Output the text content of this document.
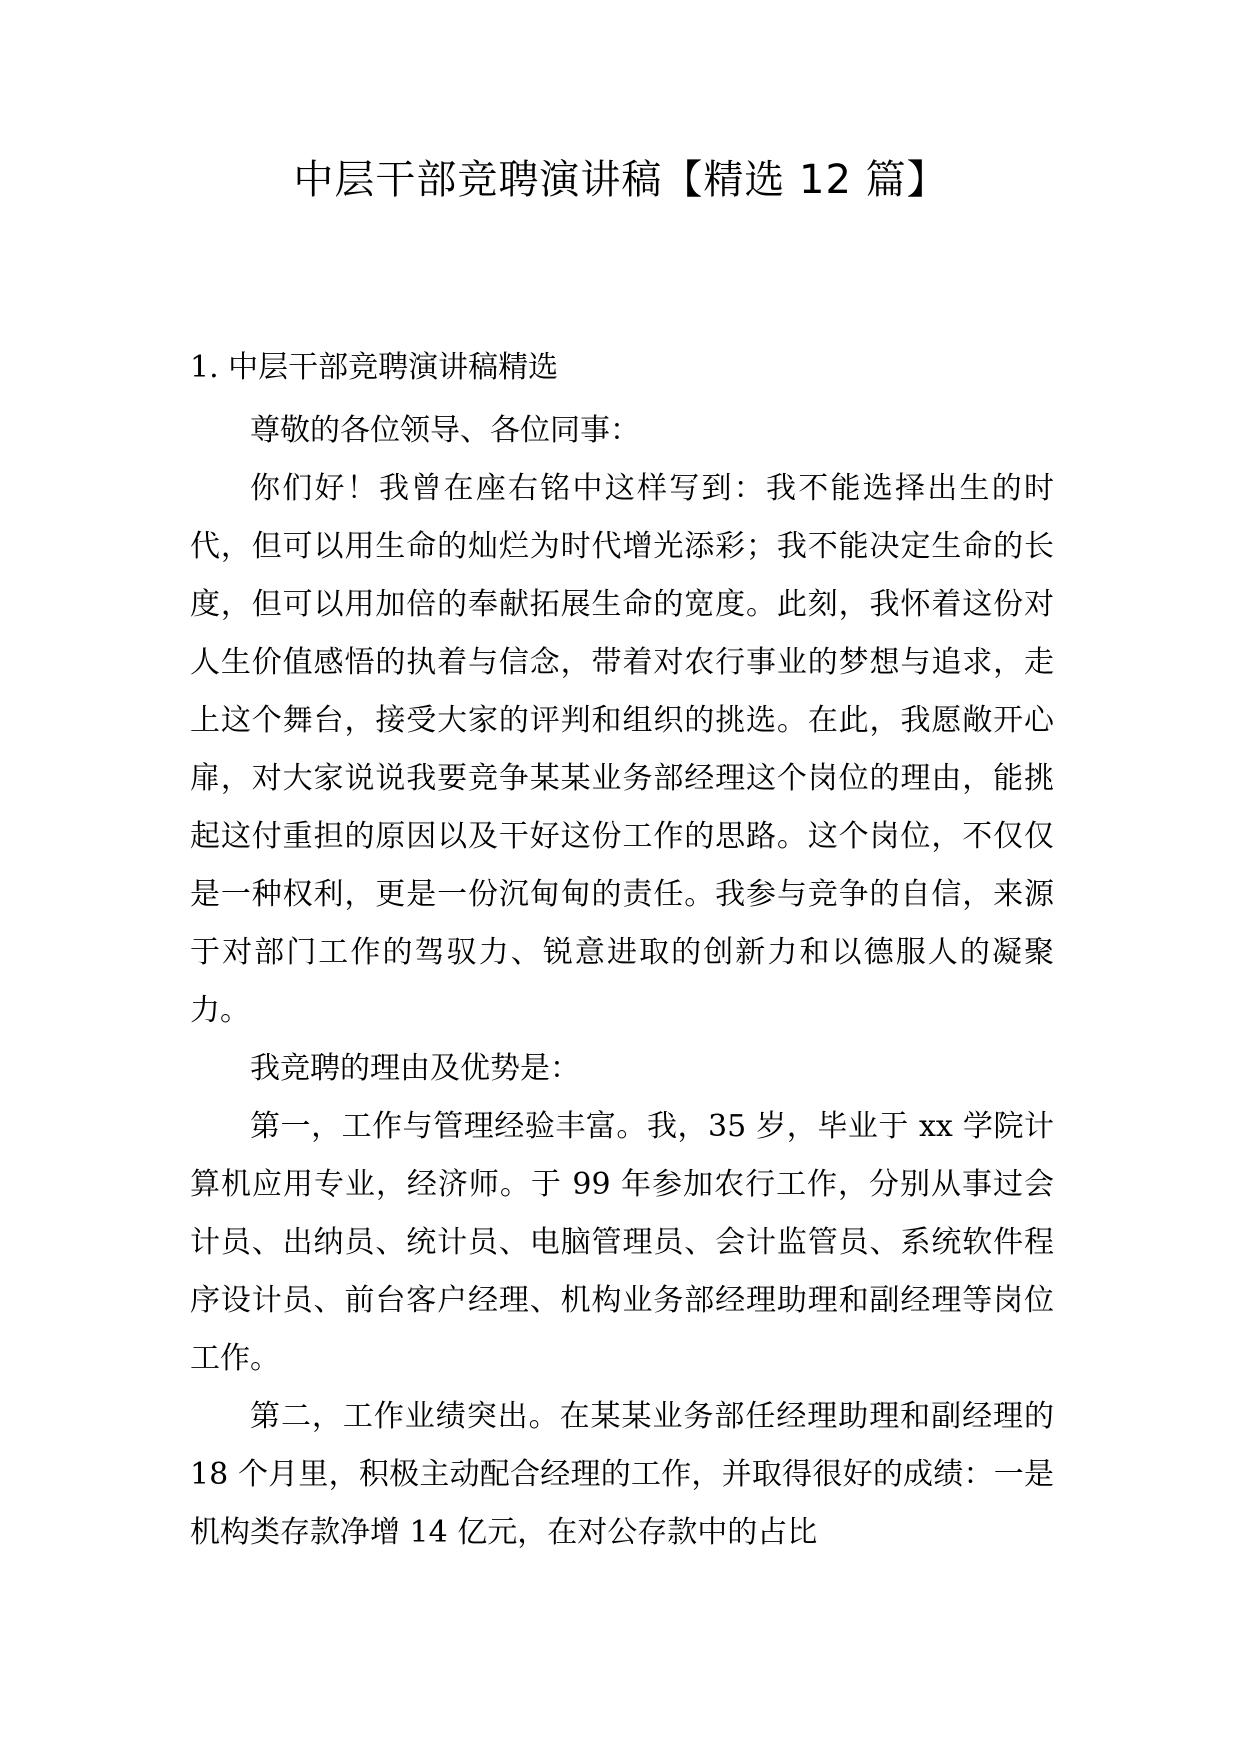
中层干部竞聘演讲稿【精选 12 篇】
1. 中层干部竞聘演讲稿精选

尊敬的各位领导、各位同事：

你们好！我曾在座右铭中这样写到：我不能选择出生的时代，但可以用生命的灿烂为时代增光添彩；我不能决定生命的长度，但可以用加倍的奉献拓展生命的宽度。此刻，我怀着这份对人生价值感悟的执着与信念，带着对农行事业的梦想与追求，走上这个舞台，接受大家的评判和组织的挑选。在此，我愿敞开心扉，对大家说说我要竞争某某业务部经理这个岗位的理由，能挑起这付重担的原因以及干好这份工作的思路。这个岗位，不仅仅是一种权利，更是一份沉甸甸的责任。我参与竞争的自信，来源于对部门工作的驾驭力、锐意进取的创新力和以德服人的凝聚力。

我竞聘的理由及优势是：

第一，工作与管理经验丰富。我，35 岁，毕业于 xx 学院计算机应用专业，经济师。于 99 年参加农行工作，分别从事过会计员、出纳员、统计员、电脑管理员、会计监管员、系统软件程序设计员、前台客户经理、机构业务部经理助理和副经理等岗位工作。

第二，工作业绩突出。在某某业务部任经理助理和副经理的 18 个月里，积极主动配合经理的工作，并取得很好的成绩：一是机构类存款净增 14 亿元，在对公存款中的占比
